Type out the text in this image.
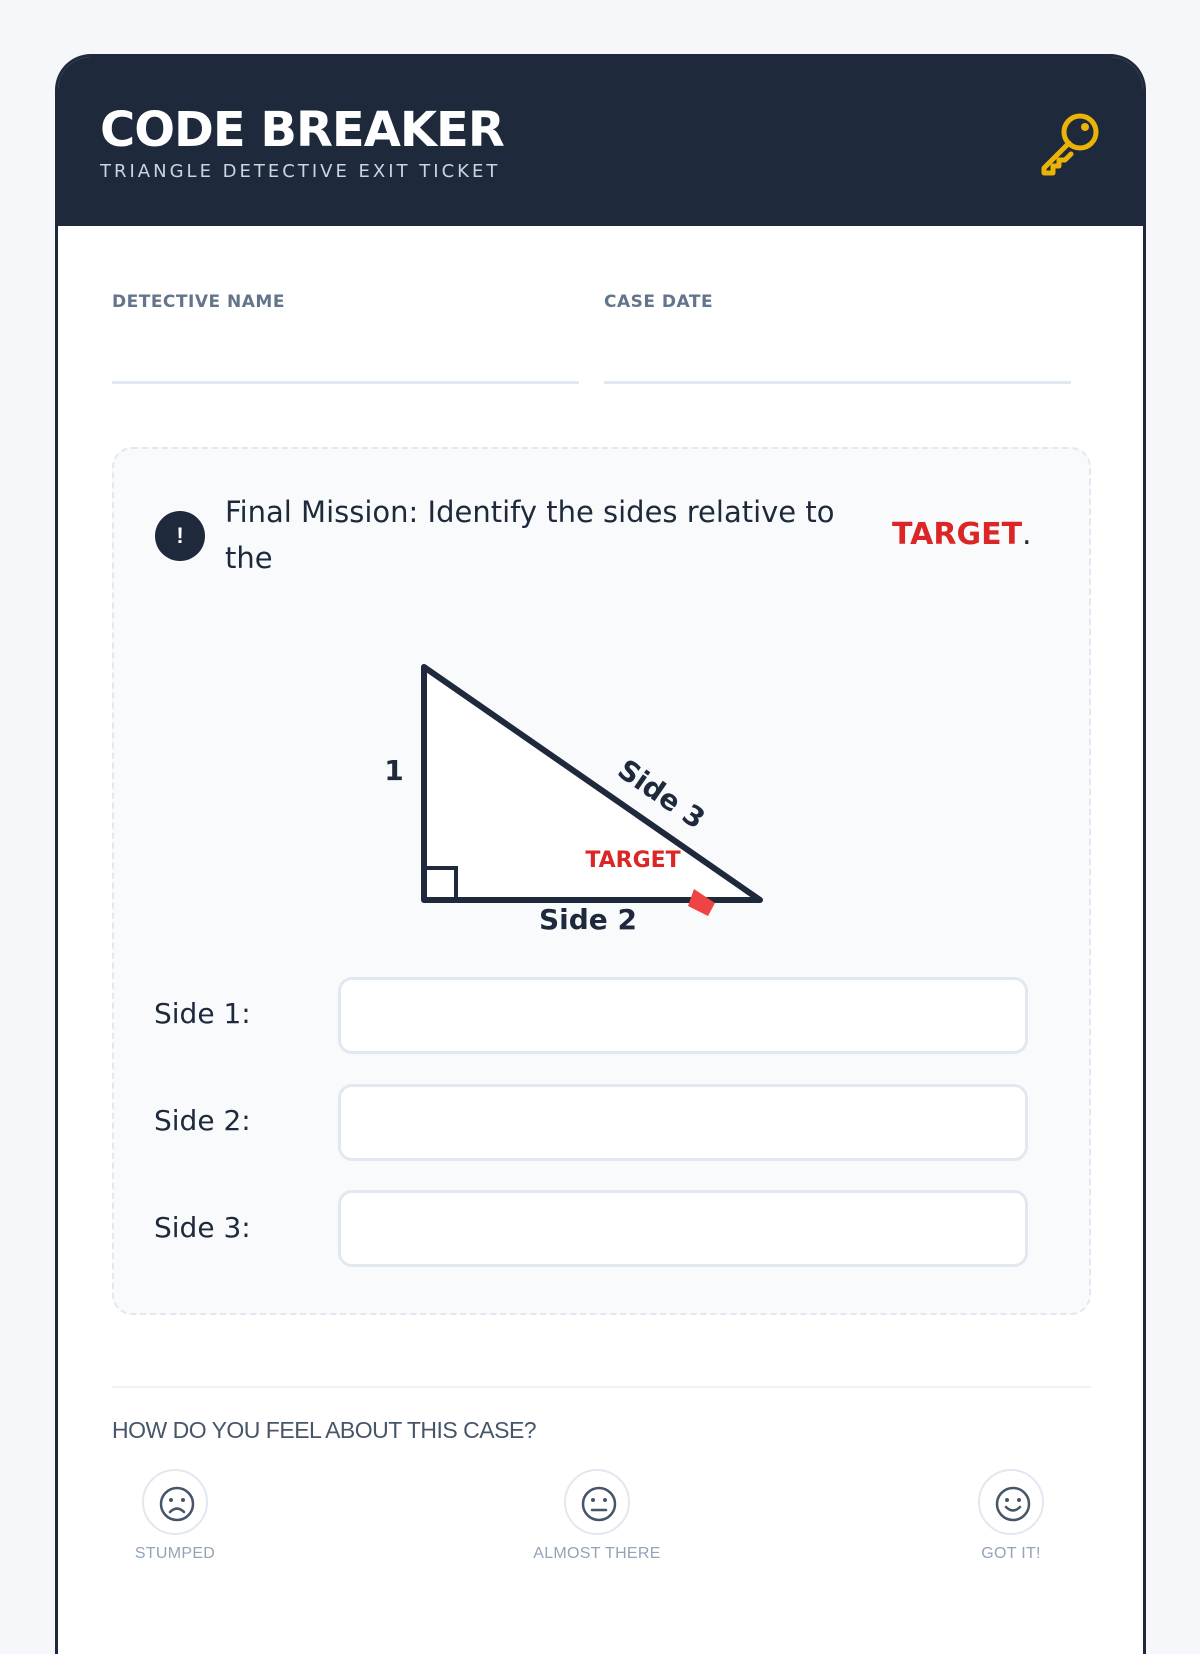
CODE BREAKER
TRIANGLE DETECTIVE EXIT TICKET
DETECTIVE NAME	CASE DATE
!
Final Mission: Identify the sides relative to the
TARGET.
1
Side 2
Side 3
TARGET
Side 1:
Side 2:
Side 3:
HOW DO YOU FEEL ABOUT THIS CASE?
STUMPED	ALMOST THERE	GOT IT!
